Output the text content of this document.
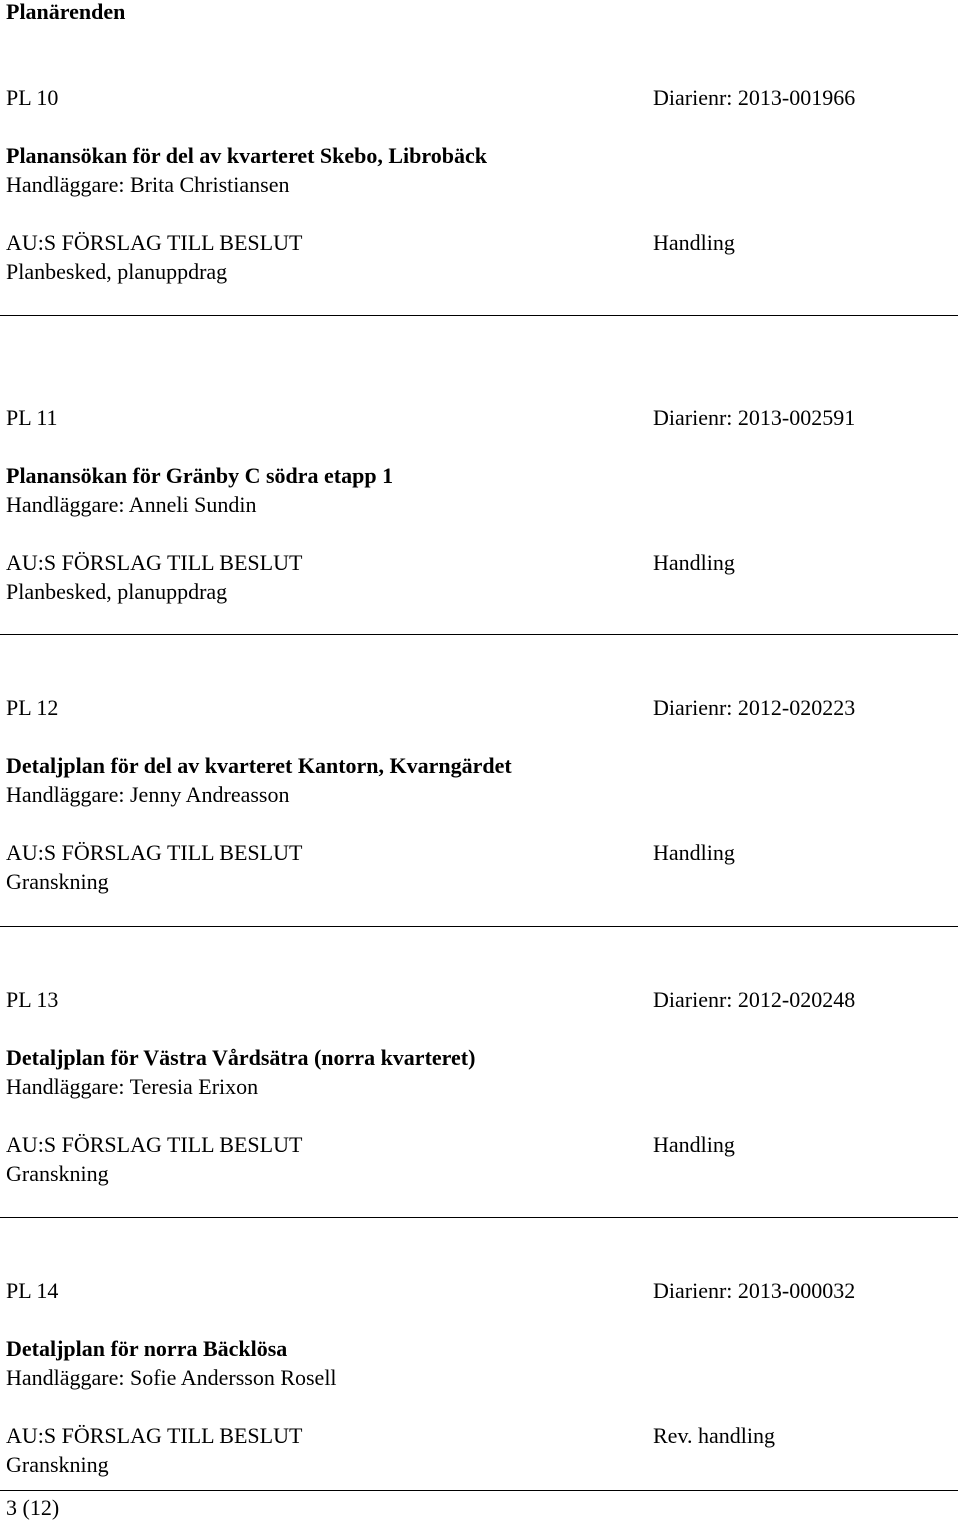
Planärenden
PL 10	Diarienr: 2013-001966
Planansökan för del av kvarteret Skebo, Librobäck
Handläggare: Brita Christiansen
AU:S FÖRSLAG TILL BESLUT	Handling
Planbesked, planuppdrag
PL 11	Diarienr: 2013-002591
Planansökan för Gränby C södra etapp 1
Handläggare: Anneli Sundin
AU:S FÖRSLAG TILL BESLUT	Handling
Planbesked, planuppdrag
PL 12	Diarienr: 2012-020223
Detaljplan för del av kvarteret Kantorn, Kvarngärdet
Handläggare: Jenny Andreasson
AU:S FÖRSLAG TILL BESLUT	Handling
Granskning
PL 13	Diarienr: 2012-020248
Detaljplan för Västra Vårdsätra (norra kvarteret)
Handläggare: Teresia Erixon
AU:S FÖRSLAG TILL BESLUT	Handling
Granskning
PL 14	Diarienr: 2013-000032
Detaljplan för norra Bäcklösa
Handläggare: Sofie Andersson Rosell
AU:S FÖRSLAG TILL BESLUT	Rev. handling
Granskning
3 (12)
